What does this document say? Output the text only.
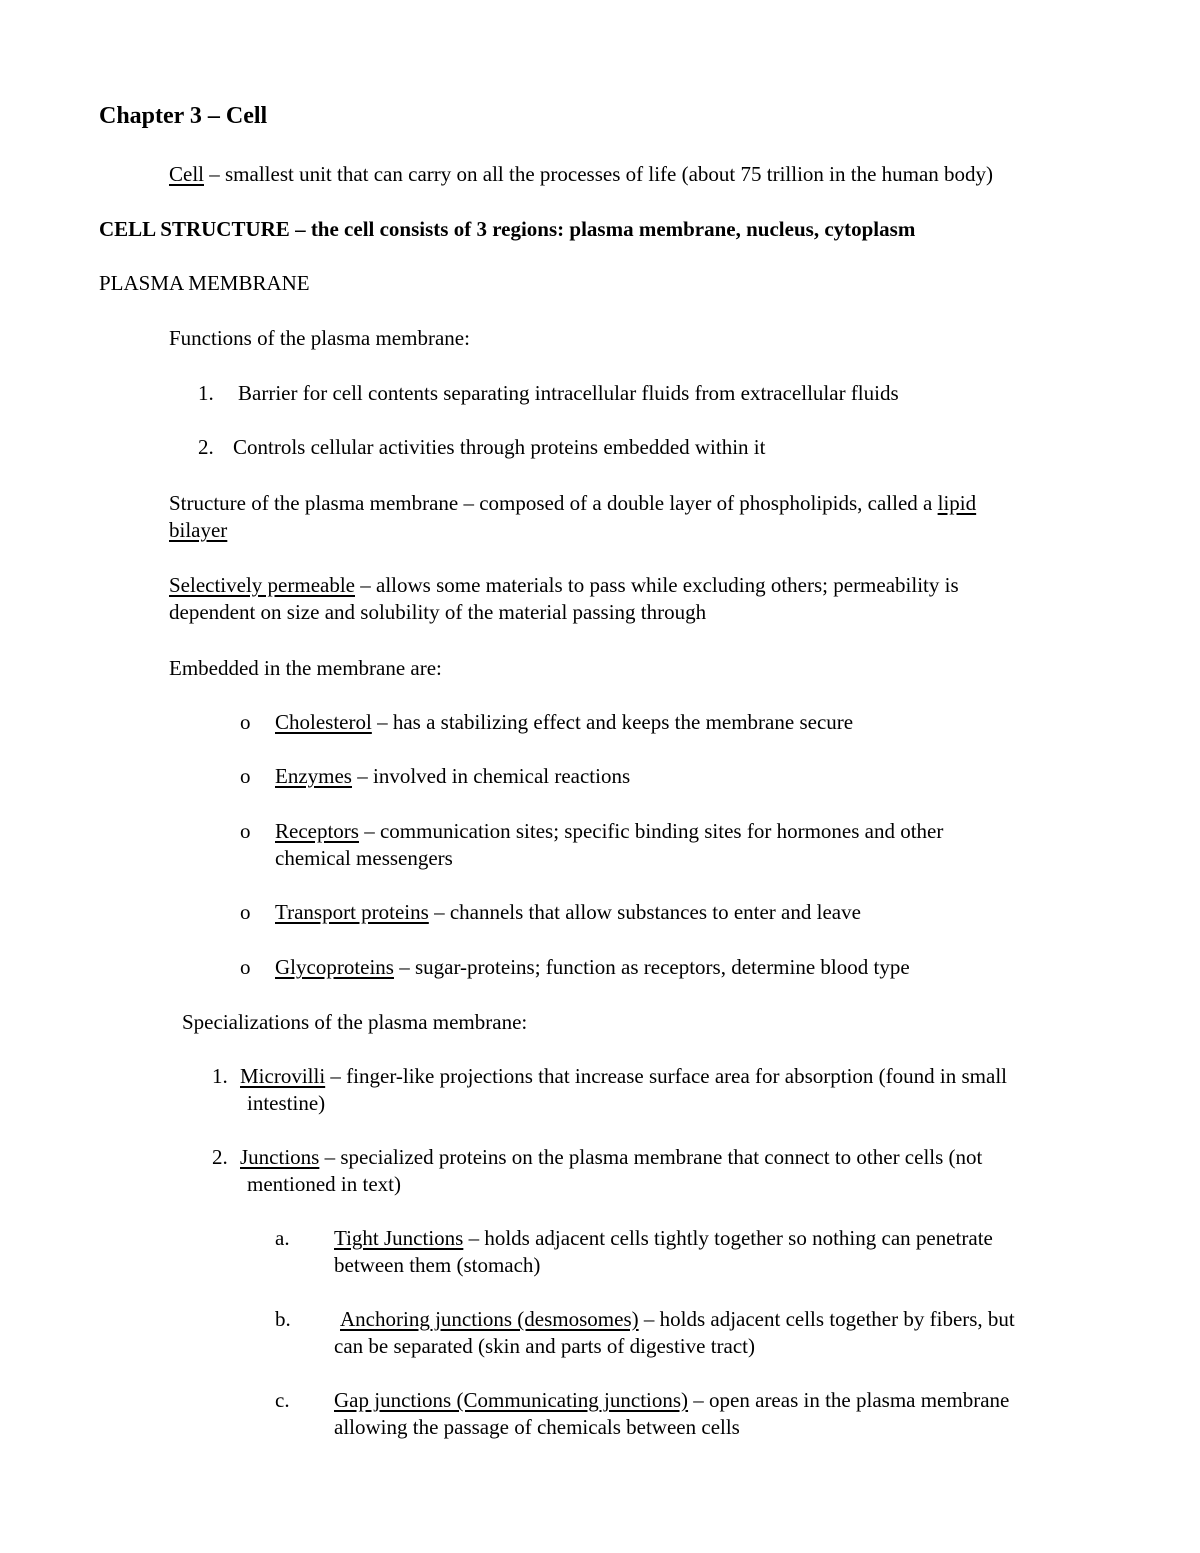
Chapter 3 – Cell
Cell – smallest unit that can carry on all the processes of life (about 75 trillion in the human body)
CELL STRUCTURE – the cell consists of 3 regions: plasma membrane, nucleus, cytoplasm
PLASMA MEMBRANE
Functions of the plasma membrane:
1. Barrier for cell contents separating intracellular fluids from extracellular fluids
2. Controls cellular activities through proteins embedded within it
Structure of the plasma membrane – composed of a double layer of phospholipids, called a lipid
bilayer
Selectively permeable – allows some materials to pass while excluding others; permeability is
dependent on size and solubility of the material passing through
Embedded in the membrane are:
o Cholesterol – has a stabilizing effect and keeps the membrane secure
o Enzymes – involved in chemical reactions
o Receptors – communication sites; specific binding sites for hormones and other
chemical messengers
o Transport proteins – channels that allow substances to enter and leave
o Glycoproteins – sugar-proteins; function as receptors, determine blood type
Specializations of the plasma membrane:
1. Microvilli – finger-like projections that increase surface area for absorption (found in small
intestine)
2. Junctions – specialized proteins on the plasma membrane that connect to other cells (not
mentioned in text)
a. Tight Junctions – holds adjacent cells tightly together so nothing can penetrate
between them (stomach)
b. Anchoring junctions (desmosomes) – holds adjacent cells together by fibers, but
can be separated (skin and parts of digestive tract)
c. Gap junctions (Communicating junctions) – open areas in the plasma membrane
allowing the passage of chemicals between cells
